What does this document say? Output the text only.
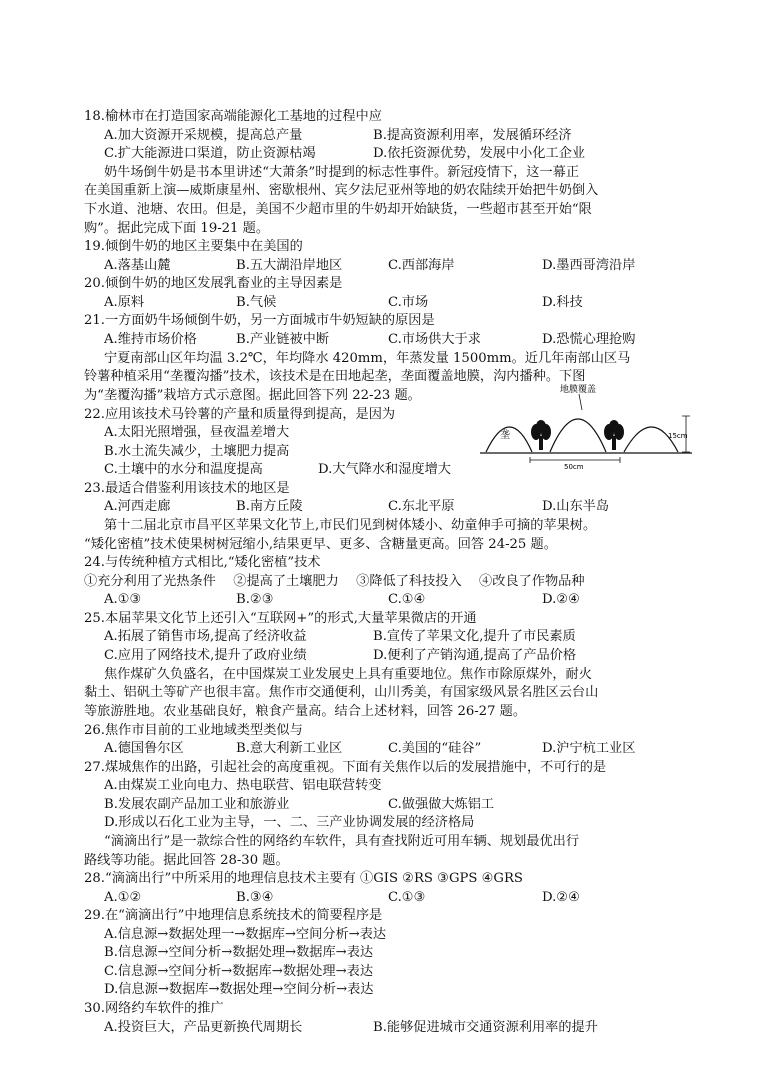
18.榆林市在打造国家高端能源化工基地的过程中应
A.加大资源开采规模，提高总产量	B.提高资源利用率，发展循环经济
C.扩大能源进口渠道，防止资源枯竭	D.依托资源优势，发展中小化工企业
奶牛场倒牛奶是书本里讲述“大萧条”时提到的标志性事件。新冠疫情下，这一幕正
在美国重新上演—威斯康星州、密歇根州、宾夕法尼亚州等地的奶农陆续开始把牛奶倒入
下水道、池塘、农田。但是，美国不少超市里的牛奶却开始缺货，一些超市甚至开始“限
购”。据此完成下面 19-21 题。
19.倾倒牛奶的地区主要集中在美国的
A.落基山麓	B.五大湖沿岸地区	C.西部海岸	D.墨西哥湾沿岸
20.倾倒牛奶的地区发展乳畜业的主导因素是
A.原料	B.气候	C.市场	D.科技
21.一方面奶牛场倾倒牛奶，另一方面城市牛奶短缺的原因是
A.维持市场价格	B.产业链被中断	C.市场供大于求	D.恐慌心理抢购
宁夏南部山区年均温 3.2℃，年均降水 420mm，年蒸发量 1500mm。近几年南部山区马
铃薯种植采用“垄覆沟播”技术，该技术是在田地起垄，垄面覆盖地膜，沟内播种。下图
为“垄覆沟播”栽培方式示意图。据此回答下列 22-23 题。	地膜覆盖
垄	15cm
50cm
22.应用该技术马铃薯的产量和质量得到提高，是因为
A.太阳光照增强，昼夜温差增大
B.水土流失减少，土壤肥力提高
C.土壤中的水分和温度提高	D.大气降水和湿度增大
23.最适合借鉴利用该技术的地区是
A.河西走廊	B.南方丘陵	C.东北平原	D.山东半岛
第十二届北京市昌平区苹果文化节上,市民们见到树体矮小、幼童伸手可摘的苹果树。
“矮化密植”技术使果树树冠缩小,结果更早、更多、含糖量更高。回答 24-25 题。
24.与传统种植方式相比,“矮化密植”技术
①充分利用了光热条件　 ②提高了土壤肥力　 ③降低了科技投入　 ④改良了作物品种
A.①③	B.②③	C.①④	D.②④
25.本届苹果文化节上还引入“互联网+”的形式,大量苹果微店的开通
A.拓展了销售市场,提高了经济收益	B.宣传了苹果文化,提升了市民素质
C.应用了网络技术,提升了政府业绩	D.便利了产销沟通,提高了产品价格
焦作煤矿久负盛名，在中国煤炭工业发展史上具有重要地位。焦作市除原煤外，耐火
黏土、铝矾土等矿产也很丰富。焦作市交通便利，山川秀美，有国家级风景名胜区云台山
等旅游胜地。农业基础良好，粮食产量高。结合上述材料，回答 26-27 题。
26.焦作市目前的工业地域类型类似与
A.德国鲁尔区	B.意大利新工业区	C.美国的“硅谷”	D.沪宁杭工业区
27.煤城焦作的出路，引起社会的高度重视。下面有关焦作以后的发展措施中，不可行的是
A.由煤炭工业向电力、热电联营、铝电联营转变
B.发展农副产品加工业和旅游业	C.做强做大炼铝工
D.形成以石化工业为主导，一、二、三产业协调发展的经济格局
“滴滴出行”是一款综合性的网络约车软件，具有查找附近可用车辆、规划最优出行
路线等功能。据此回答 28-30 题。
28.“滴滴出行”中所采用的地理信息技术主要有 ①GIS ②RS ③GPS ④GRS
A.①②	B.③④	C.①③	D.②④
29.在“滴滴出行”中地理信息系统技术的简要程序是
A.信息源→数据处理一→数据库→空间分析→表达
B.信息源→空间分析→数据处理→数据库→表达
C.信息源→空间分析→数据库→数据处理→表达
D.信息源→数据库→数据处理→空间分析→表达
30.网络约车软件的推广
A.投资巨大，产品更新换代周期长	B.能够促进城市交通资源利用率的提升
